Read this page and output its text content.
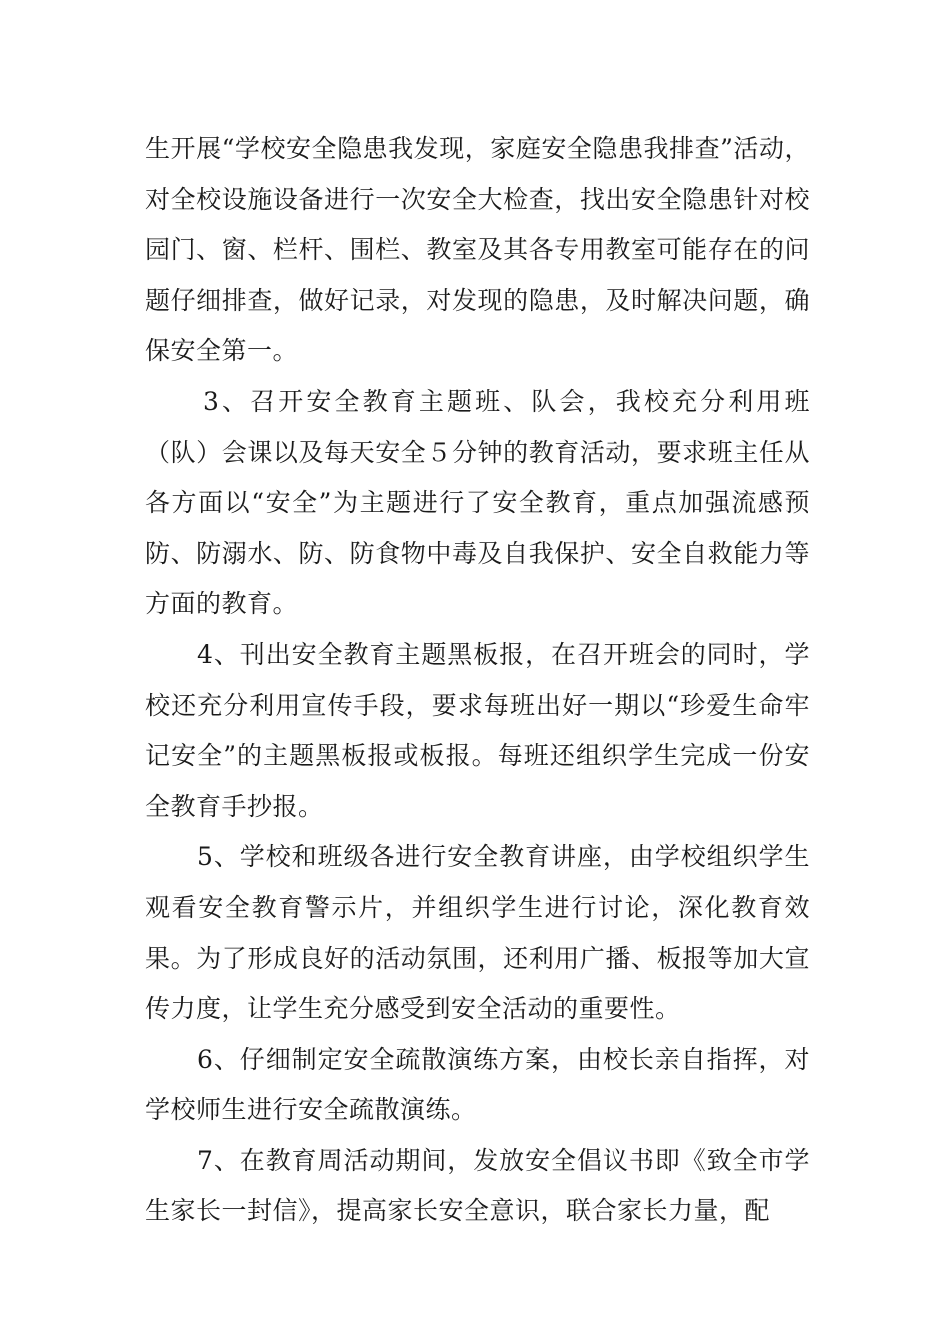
生开展“学校安全隐患我发现，家庭安全隐患我排查”活动，对全校设施设备进行一次安全大检查，找出安全隐患针对校园门、窗、栏杆、围栏、教室及其各专用教室可能存在的问题仔细排查，做好记录，对发现的隐患，及时解决问题，确保安全第一。

3、召开安全教育主题班、队会，我校充分利用班（队）会课以及每天安全５分钟的教育活动，要求班主任从各方面以“安全”为主题进行了安全教育，重点加强流感预防、防溺水、防、防食物中毒及自我保护、安全自救能力等方面的教育。

4、刊出安全教育主题黑板报，在召开班会的同时，学校还充分利用宣传手段，要求每班出好一期以“珍爱生命牢记安全”的主题黑板报或板报。每班还组织学生完成一份安全教育手抄报。

5、学校和班级各进行安全教育讲座，由学校组织学生观看安全教育警示片，并组织学生进行讨论，深化教育效果。为了形成良好的活动氛围，还利用广播、板报等加大宣传力度，让学生充分感受到安全活动的重要性。

6、仔细制定安全疏散演练方案，由校长亲自指挥，对学校师生进行安全疏散演练。

7、在教育周活动期间，发放安全倡议书即《致全市学生家长一封信》，提高家长安全意识，联合家长力量，配
